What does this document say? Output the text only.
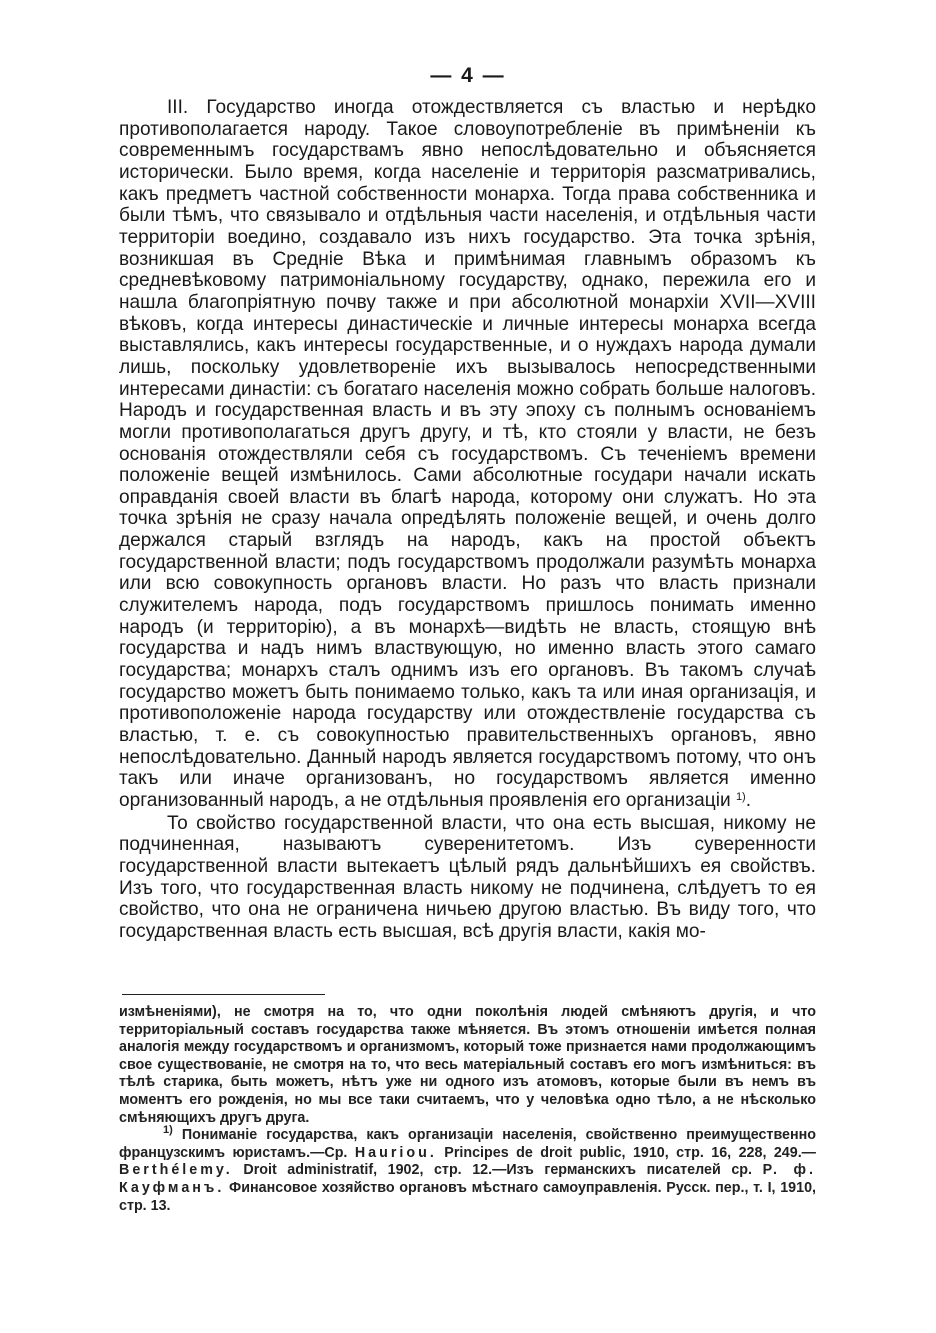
— 4 —

III. Государство иногда отождествляется съ властью и нерѣдко противополагается народу. Такое словоупотребленіе въ примѣненіи къ современнымъ государствамъ явно непослѣдовательно и объясняется исторически. Было время, когда населеніе и территорія разсматривались, какъ предметъ частной собственности монарха. Тогда права собственника и были тѣмъ, что связывало и отдѣльныя части населенія, и отдѣльныя части территоріи воедино, создавало изъ нихъ государство. Эта точка зрѣнія, возникшая въ Средніе Вѣка и примѣнимая главнымъ образомъ къ средневѣковому патримоніальному государству, однако, пережила его и нашла благопріятную почву также и при абсолютной монархіи XVII—XVIII вѣковъ, когда интересы династическіе и личные интересы монарха всегда выставлялись, какъ интересы государственные, и о нуждахъ народа думали лишь, поскольку удовлетвореніе ихъ вызывалось непосредственными интересами династіи: съ богатаго населенія можно собрать больше налоговъ. Народъ и государственная власть и въ эту эпоху съ полнымъ основаніемъ могли противополагаться другъ другу, и тѣ, кто стояли у власти, не безъ основанія отождествляли себя съ государствомъ. Съ теченіемъ времени положеніе вещей измѣнилось. Сами абсолютные государи начали искать оправданія своей власти въ благѣ народа, которому они служатъ. Но эта точка зрѣнія не сразу начала опредѣлять положеніе вещей, и очень долго держался старый взглядъ на народъ, какъ на простой объектъ государственной власти; подъ государствомъ продолжали разумѣть монарха или всю совокупность органовъ власти. Но разъ что власть признали служителемъ народа, подъ государствомъ пришлось понимать именно народъ (и территорію), а въ монархѣ—видѣть не власть, стоящую внѣ государства и надъ нимъ властвующую, но именно власть этого самаго государства; монархъ сталъ однимъ изъ его органовъ. Въ такомъ случаѣ государство можетъ быть понимаемо только, какъ та или иная организація, и противоположеніе народа государству или отождествленіе государства съ властью, т. е. съ совокупностью правительственныхъ органовъ, явно непослѣдовательно. Данный народъ является государствомъ потому, что онъ такъ или иначе организованъ, но государствомъ является именно организованный народъ, а не отдѣльныя проявленія его организаціи $^{1)}$.

То свойство государственной власти, что она есть высшая, никому не подчиненная, называютъ суверенитетомъ. Изъ суверенности государственной власти вытекаетъ цѣлый рядъ дальнѣйшихъ ея свойствъ. Изъ того, что государственная власть никому не подчинена, слѣдуетъ то ея свойство, что она не ограничена ничьею другою властью. Въ виду того, что государственная власть есть высшая, всѣ другія власти, какія мо-

измѣненіями), не смотря на то, что одни поколѣнія людей смѣняютъ другія, и что территоріальный составъ государства также мѣняется. Въ этомъ отношеніи имѣется полная аналогія между государствомъ и организмомъ, который тоже признается нами продолжающимъ свое существованіе, не смотря на то, что весь матеріальный составъ его могъ измѣниться: въ тѣлѣ старика, быть можетъ, нѣтъ уже ни одного изъ атомовъ, которые были въ немъ въ моментъ его рожденія, но мы все таки считаемъ, что у человѣка одно тѣло, а не нѣсколько смѣняющихъ другъ друга.

$^{1)}$ Пониманіе государства, какъ организаціи населенія, свойственно преимущественно французскимъ юристамъ.—Ср. Hauriou. Principes de droit public, 1910, стр. 16, 228, 249.—Berthélemy. Droit administratif, 1902, стр. 12.—Изъ германскихъ писателей ср. Р. ф. Кауфманъ. Финансовое хозяйство органовъ мѣстнаго самоуправленія. Русск. пер., т. I, 1910, стр. 13.
